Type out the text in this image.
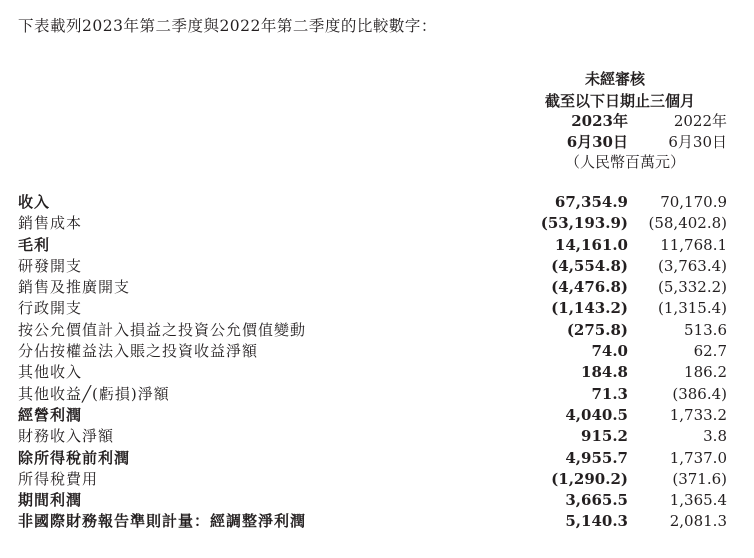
下表載列2023年第二季度與2022年第二季度的比較數字：
未經審核
截至以下日期止三個月
2023年	2022年
6月30日	6月30日
（人民幣百萬元）
收入	67,354.9	70,170.9
銷售成本	(53,193.9)	(58,402.8)
毛利	14,161.0	11,768.1
研發開支	(4,554.8)	(3,763.4)
銷售及推廣開支	(4,476.8)	(5,332.2)
行政開支	(1,143.2)	(1,315.4)
按公允價值計入損益之投資公允價值變動	(275.8)	513.6
分佔按權益法入賬之投資收益淨額	74.0	62.7
其他收入	184.8	186.2
其他收益╱(虧損)淨額	71.3	(386.4)
經營利潤	4,040.5	1,733.2
財務收入淨額	915.2	3.8
除所得稅前利潤	4,955.7	1,737.0
所得稅費用	(1,290.2)	(371.6)
期間利潤	3,665.5	1,365.4
非國際財務報告準則計量：經調整淨利潤	5,140.3	2,081.3
